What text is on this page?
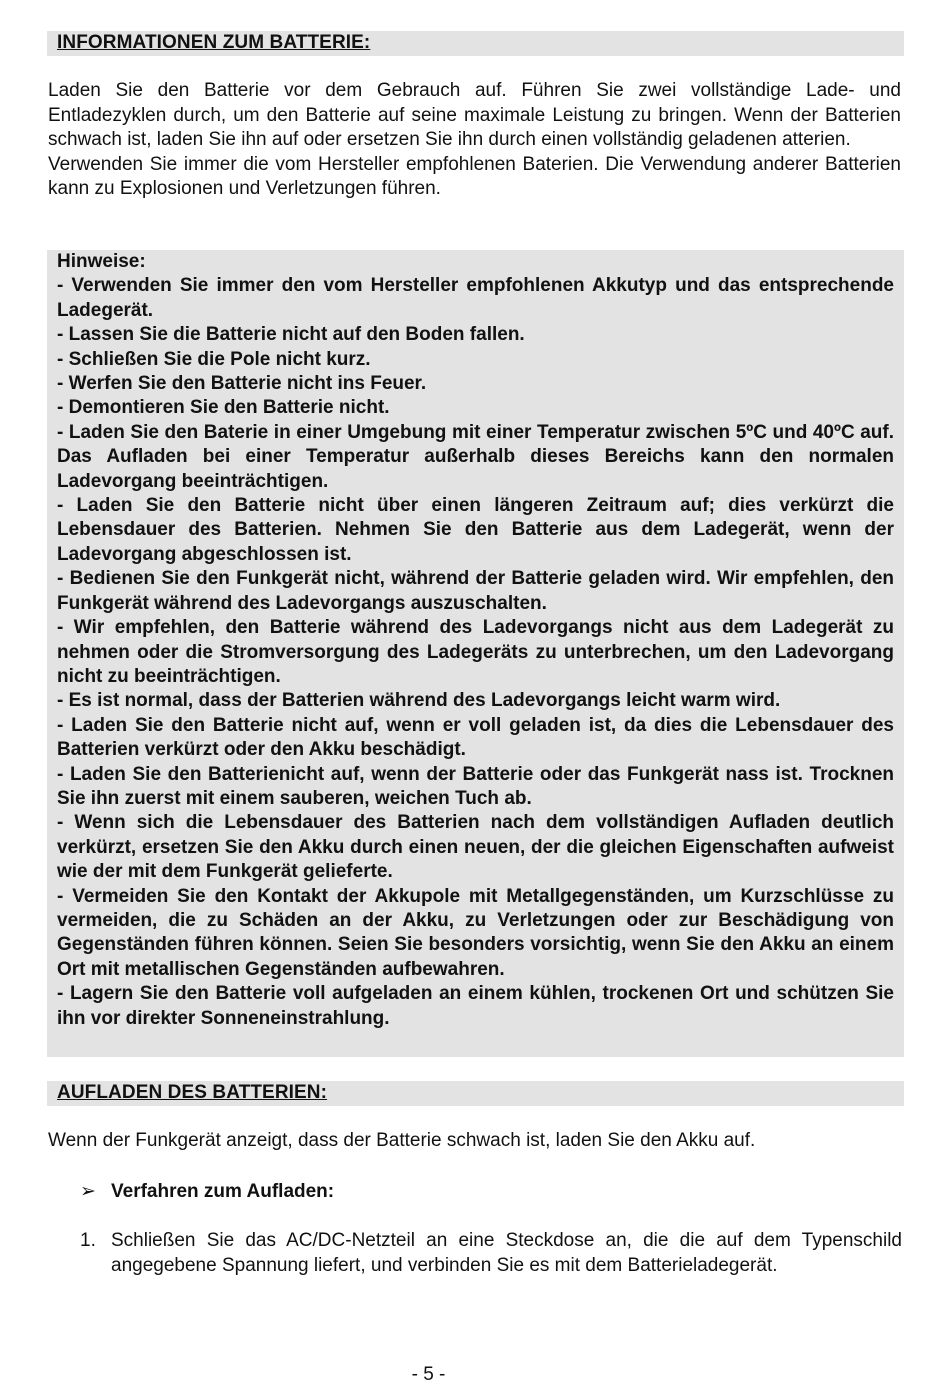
INFORMATIONEN ZUM BATTERIE:

Laden Sie den Batterie vor dem Gebrauch auf. Führen Sie zwei vollständige Lade- und Entladezyklen durch, um den Batterie auf seine maximale Leistung zu bringen. Wenn der Batterien schwach ist, laden Sie ihn auf oder ersetzen Sie ihn durch einen vollständig geladenen atterien.

Verwenden Sie immer die vom Hersteller empfohlenen Baterien. Die Verwendung anderer Batterien kann zu Explosionen und Verletzungen führen.

Hinweise:

- Verwenden Sie immer den vom Hersteller empfohlenen Akkutyp und das entsprechende Ladegerät.

- Lassen Sie die Batterie nicht auf den Boden fallen.

- Schließen Sie die Pole nicht kurz.

- Werfen Sie den Batterie nicht ins Feuer.

- Demontieren Sie den Batterie nicht.

- Laden Sie den Baterie in einer Umgebung mit einer Temperatur zwischen 5ºC und 40ºC auf. Das Aufladen bei einer Temperatur außerhalb dieses Bereichs kann den normalen Ladevorgang beeinträchtigen.

- Laden Sie den Batterie nicht über einen längeren Zeitraum auf; dies verkürzt die Lebensdauer des Batterien. Nehmen Sie den Batterie aus dem Ladegerät, wenn der Ladevorgang abgeschlossen ist.

- Bedienen Sie den Funkgerät nicht, während der Batterie geladen wird. Wir empfehlen, den Funkgerät während des Ladevorgangs auszuschalten.

- Wir empfehlen, den Batterie während des Ladevorgangs nicht aus dem Ladegerät zu nehmen oder die Stromversorgung des Ladegeräts zu unterbrechen, um den Ladevorgang nicht zu beeinträchtigen.

- Es ist normal, dass der Batterien während des Ladevorgangs leicht warm wird.

- Laden Sie den Batterie nicht auf, wenn er voll geladen ist, da dies die Lebensdauer des Batterien verkürzt oder den Akku beschädigt.

- Laden Sie den Batterienicht auf, wenn der Batterie oder das Funkgerät nass ist. Trocknen Sie ihn zuerst mit einem sauberen, weichen Tuch ab.

- Wenn sich die Lebensdauer des Batterien nach dem vollständigen Aufladen deutlich verkürzt, ersetzen Sie den Akku durch einen neuen, der die gleichen Eigenschaften aufweist wie der mit dem Funkgerät gelieferte.

- Vermeiden Sie den Kontakt der Akkupole mit Metallgegenständen, um Kurzschlüsse zu vermeiden, die zu Schäden an der Akku, zu Verletzungen oder zur Beschädigung von Gegenständen führen können. Seien Sie besonders vorsichtig, wenn Sie den Akku an einem Ort mit metallischen Gegenständen aufbewahren.

- Lagern Sie den Batterie voll aufgeladen an einem kühlen, trockenen Ort und schützen Sie ihn vor direkter Sonneneinstrahlung.

AUFLADEN DES BATTERIEN:

Wenn der Funkgerät anzeigt, dass der Batterie schwach ist, laden Sie den Akku auf.

➢ Verfahren zum Aufladen:
1. Schließen Sie das AC/DC-Netzteil an eine Steckdose an, die die auf dem Typenschild angegebene Spannung liefert, und verbinden Sie es mit dem Batterieladegerät.
- 5 -
